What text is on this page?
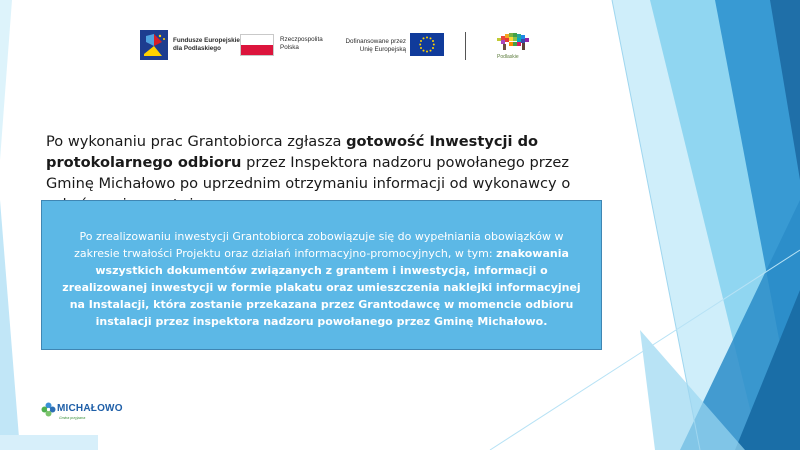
Fundusze Europejskie
dla Podlaskiego
Rzeczpospolita
Polska
Dofinansowane przez
Unię Europejską
Podlaskie
Po wykonaniu prac Grantobiorca zgłasza gotowość Inwestycji do protokolarnego odbioru przez Inspektora nadzoru powołanego przez Gminę Michałowo po uprzednim otrzymaniu informacji od wykonawcy o
Po zrealizowaniu inwestycji Grantobiorca zobowiązuje się do wypełniania obowiązków w zakresie trwałości Projektu oraz działań informacyjno-promocyjnych, w tym: znakowania wszystkich dokumentów związanych z grantem i inwestycją, informacji o zrealizowanej inwestycji w formie plakatu oraz umieszczenia naklejki informacyjnej na Instalacji, która zostanie przekazana przez Grantodawcę w momencie odbioru instalacji przez inspektora nadzoru powołanego przez Gminę Michałowo.
MICHAŁOWO
Gmina przyjazna
